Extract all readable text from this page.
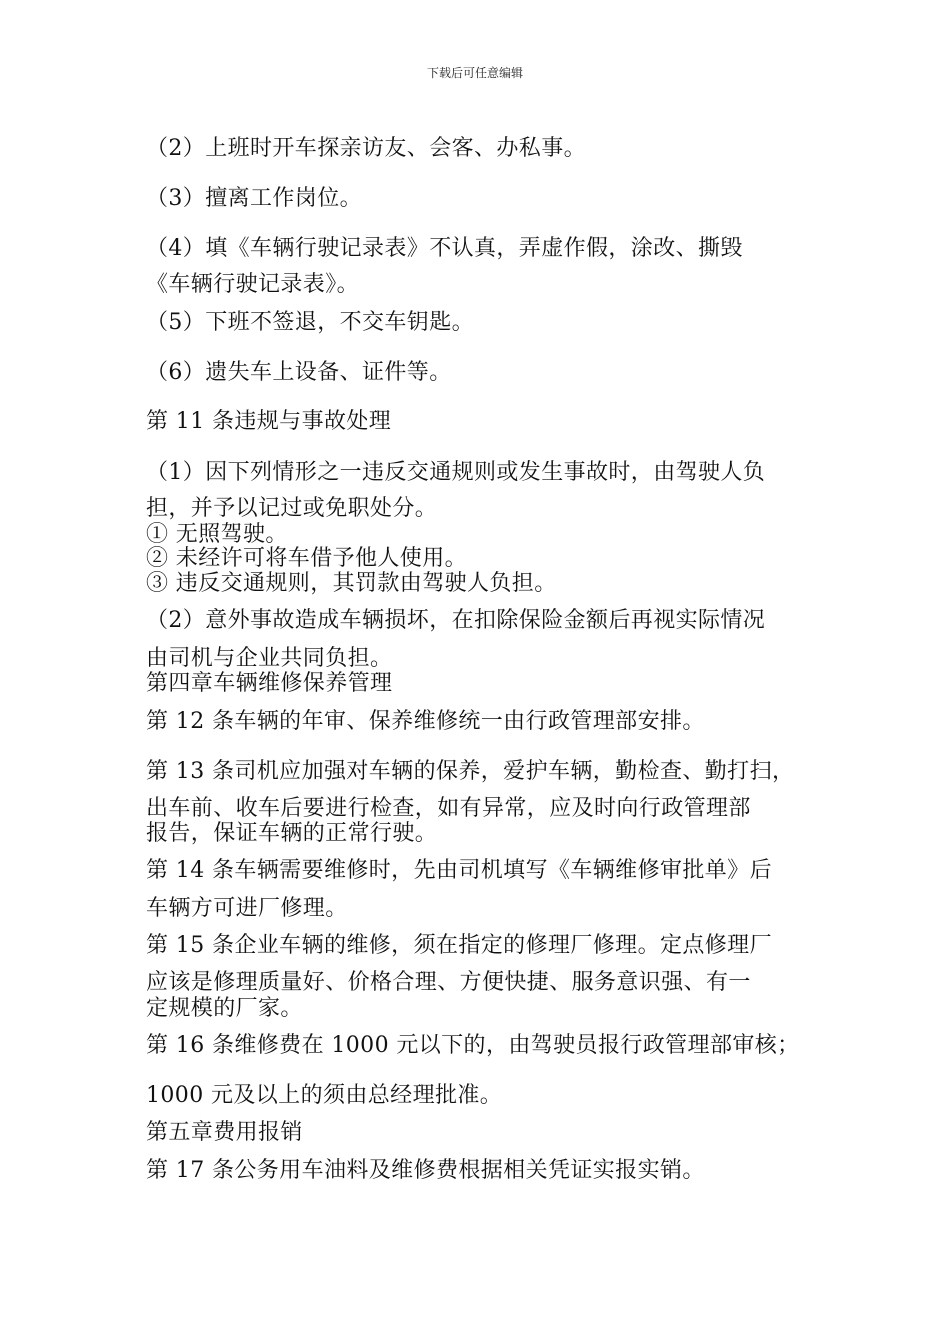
下载后可任意编辑
（2）上班时开车探亲访友、会客、办私事。
（3）擅离工作岗位。
（4）填《车辆行驶记录表》不认真，弄虚作假，涂改、撕毁
《车辆行驶记录表》。
（5）下班不签退，不交车钥匙。
（6）遗失车上设备、证件等。
第 11 条违规与事故处理
（1）因下列情形之一违反交通规则或发生事故时，由驾驶人负
担，并予以记过或免职处分。
① 无照驾驶。
② 未经许可将车借予他人使用。
③ 违反交通规则，其罚款由驾驶人负担。
（2）意外事故造成车辆损坏，在扣除保险金额后再视实际情况
由司机与企业共同负担。
第四章车辆维修保养管理
第 12 条车辆的年审、保养维修统一由行政管理部安排。
第 13 条司机应加强对车辆的保养，爱护车辆，勤检查、勤打扫，
出车前、收车后要进行检查，如有异常，应及时向行政管理部
报告，保证车辆的正常行驶。
第 14 条车辆需要维修时，先由司机填写《车辆维修审批单》后
车辆方可进厂修理。
第 15 条企业车辆的维修，须在指定的修理厂修理。定点修理厂
应该是修理质量好、价格合理、方便快捷、服务意识强、有一
定规模的厂家。
第 16 条维修费在 1000 元以下的，由驾驶员报行政管理部审核；
1000 元及以上的须由总经理批准。
第五章费用报销
第 17 条公务用车油料及维修费根据相关凭证实报实销。
